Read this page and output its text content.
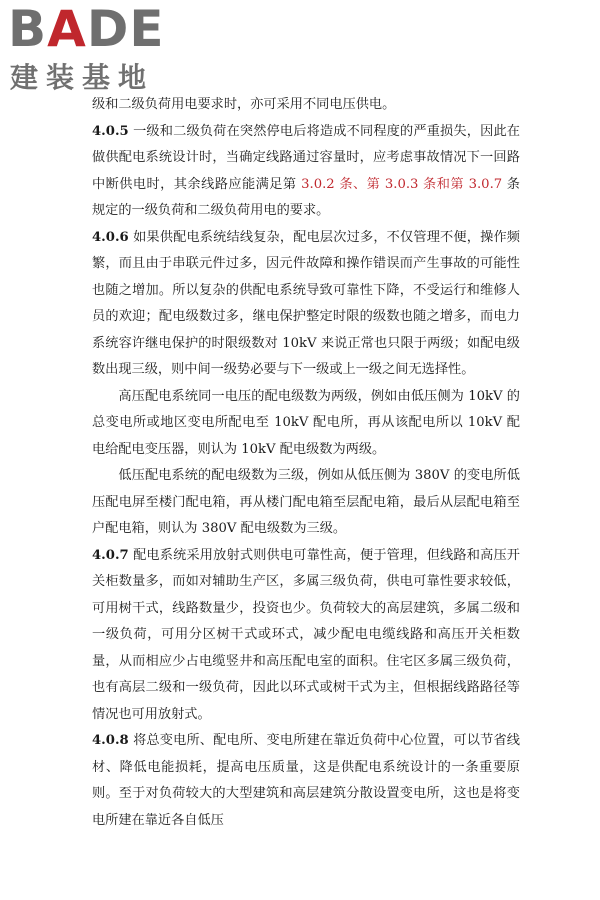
BADE
建装基地

级和二级负荷用电要求时，亦可采用不同电压供电。

4.0.5 一级和二级负荷在突然停电后将造成不同程度的严重损失，因此在做供配电系统设计时，当确定线路通过容量时，应考虑事故情况下一回路中断供电时，其余线路应能满足第 3.0.2 条、第 3.0.3 条和第 3.0.7 条规定的一级负荷和二级负荷用电的要求。

4.0.6 如果供配电系统结线复杂，配电层次过多，不仅管理不便，操作频繁，而且由于串联元件过多，因元件故障和操作错误而产生事故的可能性也随之增加。所以复杂的供配电系统导致可靠性下降，不受运行和维修人员的欢迎；配电级数过多，继电保护整定时限的级数也随之增多，而电力系统容许继电保护的时限级数对 10kV 来说正常也只限于两级；如配电级数出现三级，则中间一级势必要与下一级或上一级之间无选择性。

高压配电系统同一电压的配电级数为两级，例如由低压侧为 10kV 的总变电所或地区变电所配电至 10kV 配电所，再从该配电所以 10kV 配电给配电变压器，则认为 10kV 配电级数为两级。

低压配电系统的配电级数为三级，例如从低压侧为 380V 的变电所低压配电屏至楼门配电箱，再从楼门配电箱至层配电箱，最后从层配电箱至户配电箱，则认为 380V 配电级数为三级。

4.0.7 配电系统采用放射式则供电可靠性高，便于管理，但线路和高压开关柜数量多，而如对辅助生产区，多属三级负荷，供电可靠性要求较低，可用树干式，线路数量少，投资也少。负荷较大的高层建筑，多属二级和一级负荷，可用分区树干式或环式，减少配电电缆线路和高压开关柜数量，从而相应少占电缆竖井和高压配电室的面积。住宅区多属三级负荷，也有高层二级和一级负荷，因此以环式或树干式为主，但根据线路路径等情况也可用放射式。

4.0.8 将总变电所、配电所、变电所建在靠近负荷中心位置，可以节省线材、降低电能损耗，提高电压质量，这是供配电系统设计的一条重要原则。至于对负荷较大的大型建筑和高层建筑分散设置变电所，这也是将变电所建在靠近各自低压
